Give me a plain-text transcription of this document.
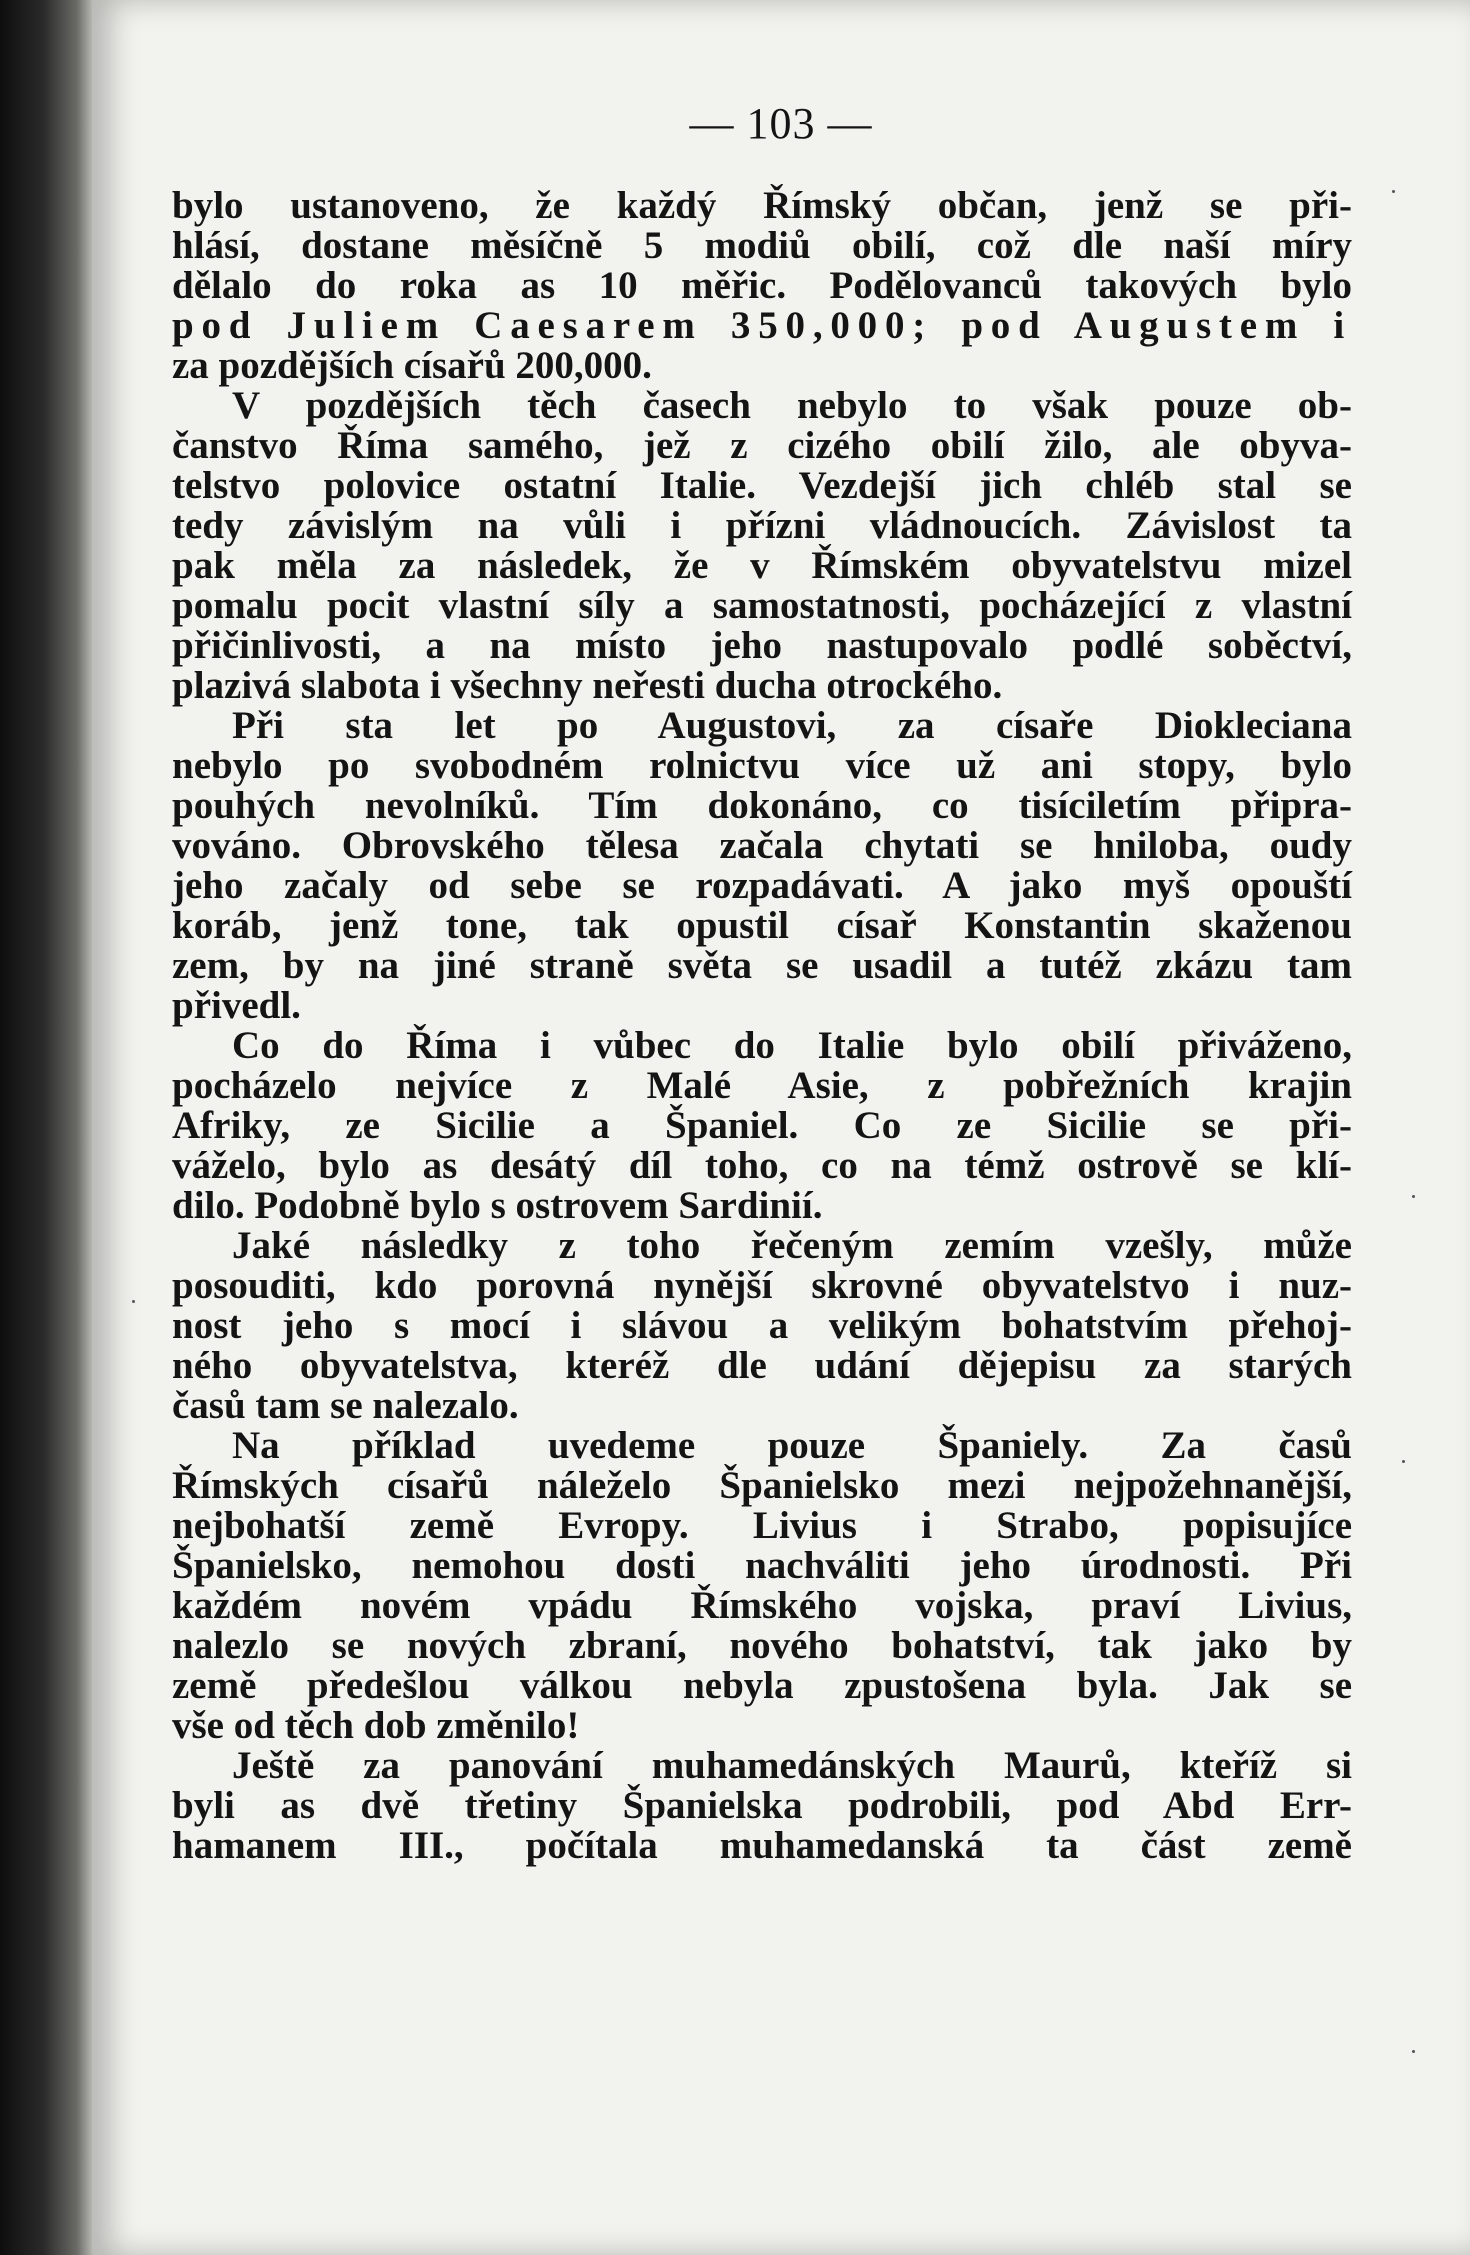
— 103 —
bylo ustanoveno, že každý Římský občan, jenž se při-
hlásí, dostane měsíčně 5 modiů obilí, což dle naší míry
dělalo do roka as 10 měřic. Podělovanců takových bylo
pod Juliem Caesarem 350,000; pod Augustem i
za pozdějších císařů 200,000.
V pozdějších těch časech nebylo to však pouze ob-
čanstvo Říma samého, jež z cizého obilí žilo, ale obyva-
telstvo polovice ostatní Italie. Vezdejší jich chléb stal se
tedy závislým na vůli i přízni vládnoucích. Závislost ta
pak měla za následek, že v Římském obyvatelstvu mizel
pomalu pocit vlastní síly a samostatnosti, pocházející z vlastní
přičinlivosti, a na místo jeho nastupovalo podlé soběctví,
plazivá slabota i všechny neřesti ducha otrockého.
Při sta let po Augustovi, za císaře Diokleciana
nebylo po svobodném rolnictvu více už ani stopy, bylo
pouhých nevolníků. Tím dokonáno, co tisíciletím připra-
vováno. Obrovského tělesa začala chytati se hniloba, oudy
jeho začaly od sebe se rozpadávati. A jako myš opouští
koráb, jenž tone, tak opustil císař Konstantin skaženou
zem, by na jiné straně světa se usadil a tutéž zkázu tam
přivedl.
Co do Říma i vůbec do Italie bylo obilí přiváženo,
pocházelo nejvíce z Malé Asie, z pobřežních krajin
Afriky, ze Sicilie a Španiel. Co ze Sicilie se při-
váželo, bylo as desátý díl toho, co na témž ostrově se klí-
dilo. Podobně bylo s ostrovem Sardinií.
Jaké následky z toho řečeným zemím vzešly, může
posouditi, kdo porovná nynější skrovné obyvatelstvo i nuz-
nost jeho s mocí i slávou a velikým bohatstvím přehoj-
ného obyvatelstva, kteréž dle udání dějepisu za starých
časů tam se nalezalo.
Na příklad uvedeme pouze Španiely. Za časů
Římských císařů náleželo Španielsko mezi nejpožehnanější,
nejbohatší země Evropy. Livius i Strabo, popisujíce
Španielsko, nemohou dosti nachváliti jeho úrodnosti. Při
každém novém vpádu Římského vojska, praví Livius,
nalezlo se nových zbraní, nového bohatství, tak jako by
země předešlou válkou nebyla zpustošena byla. Jak se
vše od těch dob změnilo!
Ještě za panování muhamedánských Maurů, kteříž si
byli as dvě třetiny Španielska podrobili, pod Abd Err-
hamanem III., počítala muhamedanská ta část země
